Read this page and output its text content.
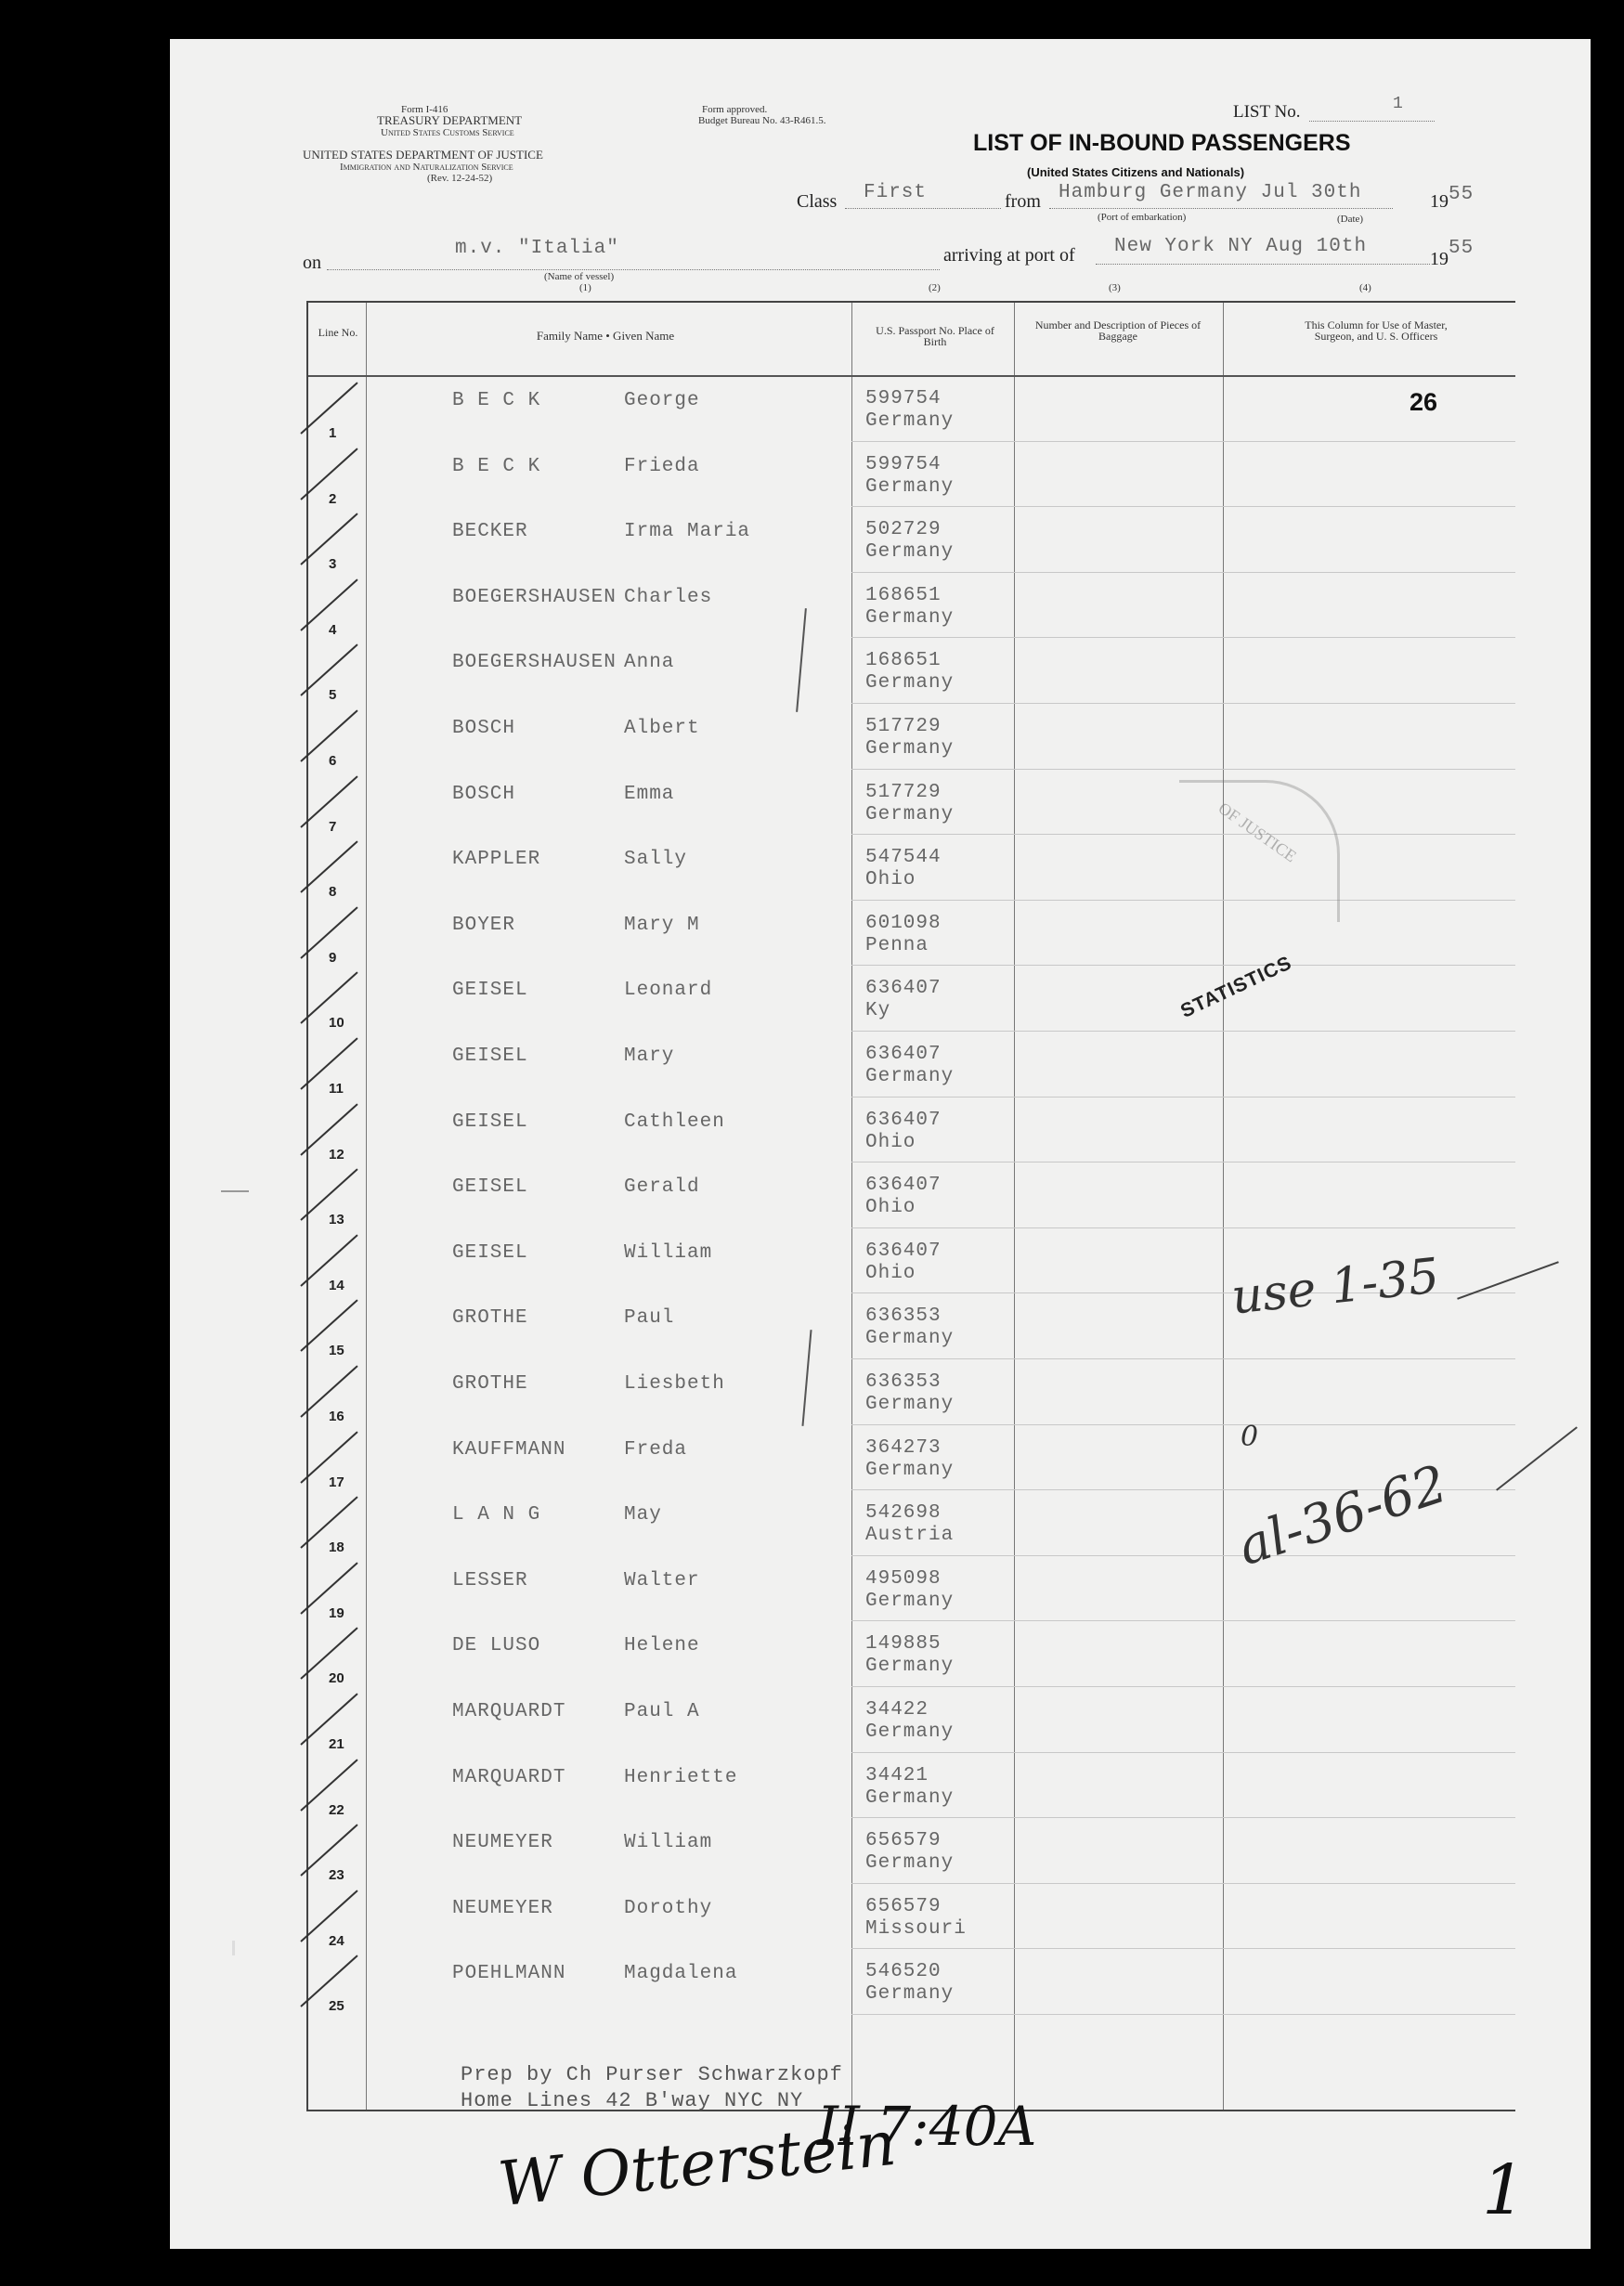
Form I-416
TREASURY DEPARTMENT
United States Customs Service
UNITED STATES DEPARTMENT OF JUSTICE
Immigration and Naturalization Service
(Rev. 12-24-52)
Form approved.
Budget Bureau No. 43-R461.5.	LIST No.	1
LIST OF IN-BOUND PASSENGERS
(United States Citizens and Nationals)
Class First	from Hamburg Germany Jul 30th	19 55
(Port of embarkation)	(Date)
on
m.v. "Italia"
(Name of vessel)
(1)
arriving at port of New York NY Aug 10th
19 55
(2)	(3)	(4)
Line No.	Family Name • Given Name	U.S. Passport No. Place of Birth
Number and Description of Pieces of Baggage
This Column for Use of Master, Surgeon, and U. S. Officers
1
B E C K	George	599754
Germany
2
B E C K	Frieda	599754
Germany
3
BECKER	Irma Maria	502729
Germany
4
BOEGERSHAUSEN Charles	168651
Germany
5
BOEGERSHAUSEN Anna	168651
Germany
6
BOSCH	Albert	517729
Germany
7
BOSCH	Emma	517729
Germany
8
KAPPLER	Sally	547544
Ohio
9
BOYER	Mary M	601098
Penna
10
GEISEL	Leonard	636407
Ky
11
GEISEL	Mary	636407
Germany
12
GEISEL	Cathleen	636407
Ohio
13
GEISEL	Gerald	636407
Ohio
14
GEISEL	William	636407
Ohio
15
GROTHE	Paul	636353
Germany
16
GROTHE	Liesbeth	636353
Germany
17
KAUFFMANN	Freda	364273
Germany
18
L A N G	May	542698
Austria
19
LESSER	Walter	495098
Germany
20
DE LUSO	Helene	149885
Germany
21
MARQUARDT	Paul A	34422
Germany
22
MARQUARDT	Henriette	34421
Germany
23
NEUMEYER	William	656579
Germany
24
NEUMEYER	Dorothy	656579
Missouri
25
POEHLMANN	Magdalena	546520
Germany
26
OF JUSTICE
STATISTICS
use 1-35
0
al-36-62
Prep by Ch Purser Schwarzkopf
Home Lines 42 B'way NYC NY
W Otterstein
II 7:40A
1
